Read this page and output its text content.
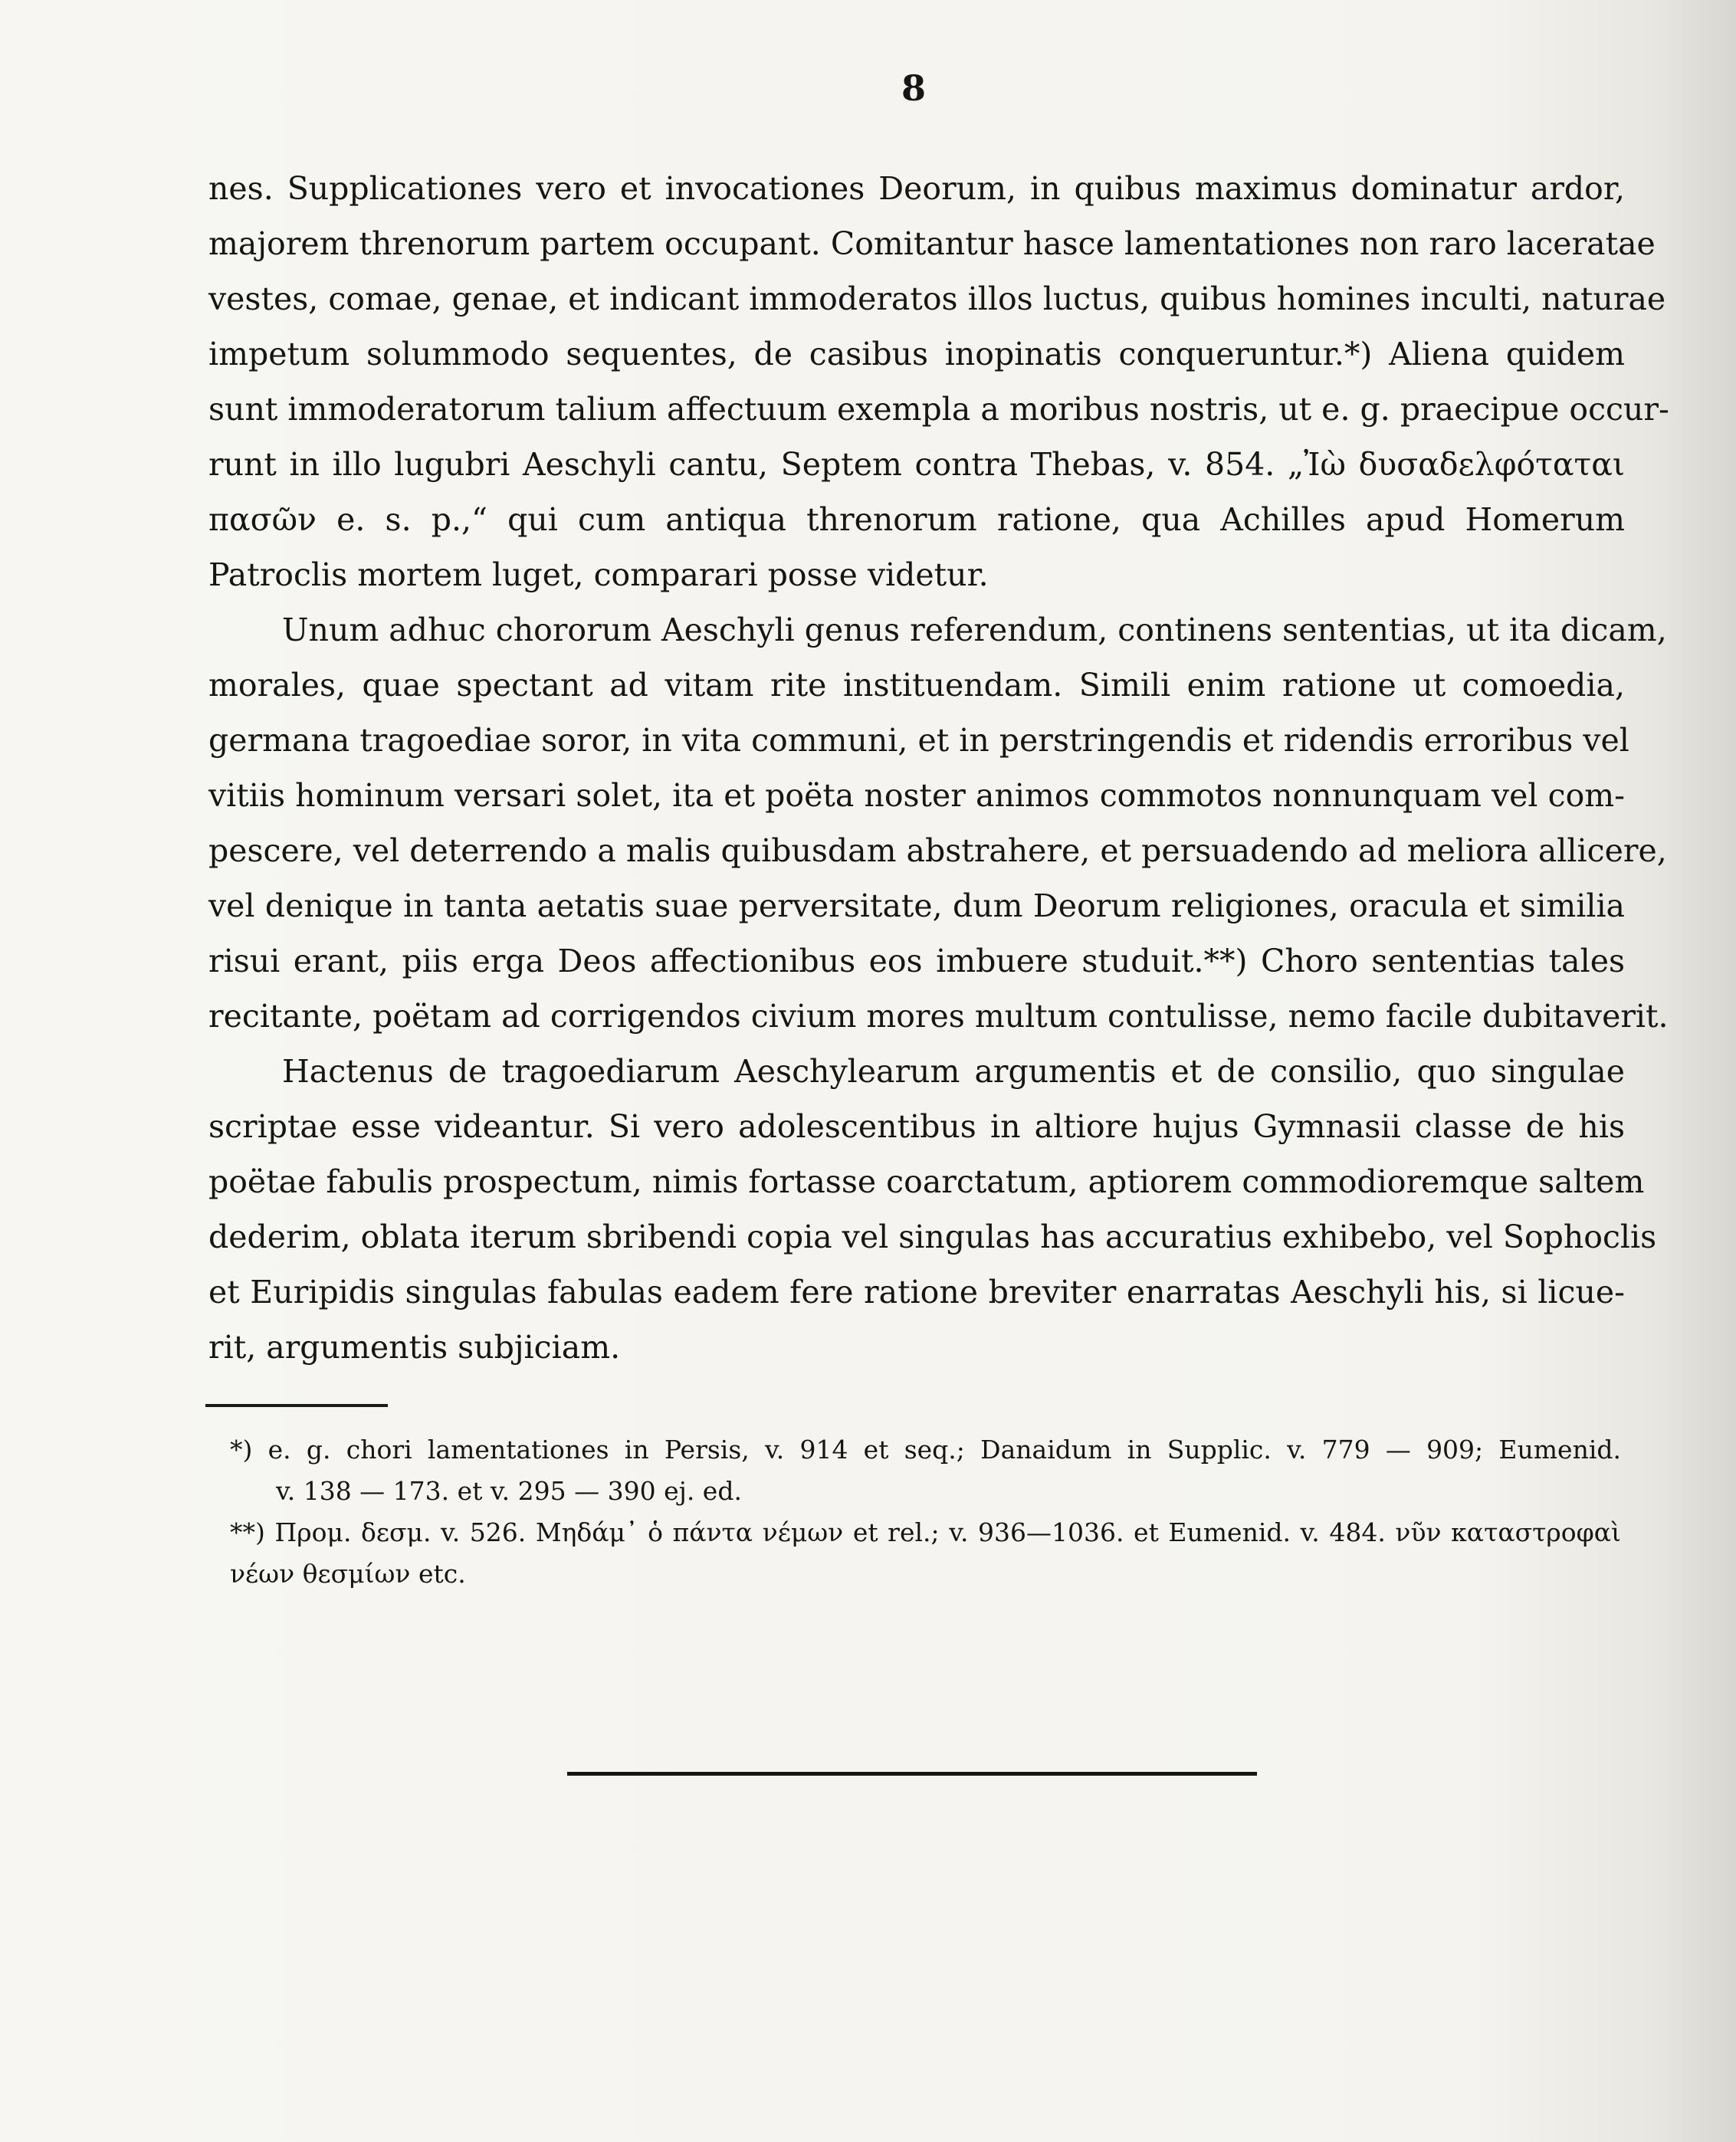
8
nes. Supplicationes vero et invocationes Deorum, in quibus maximus dominatur ardor,
majorem threnorum partem occupant. Comitantur hasce lamentationes non raro laceratae
vestes, comae, genae, et indicant immoderatos illos luctus, quibus homines inculti, naturae
impetum solummodo sequentes, de casibus inopinatis conqueruntur.*) Aliena quidem
sunt immoderatorum talium affectuum exempla a moribus nostris, ut e. g. praecipue occur-
runt in illo lugubri Aeschyli cantu, Septem contra Thebas, v. 854. „Ἰὼ δυσαδελφόταται πασῶν e. s. p.,“ qui cum antiqua threnorum ratione, qua Achilles apud Homerum
Patroclis mortem luget, comparari posse videtur.
Unum adhuc chororum Aeschyli genus referendum, continens sententias, ut ita dicam,
morales, quae spectant ad vitam rite instituendam. Simili enim ratione ut comoedia,
germana tragoediae soror, in vita communi, et in perstringendis et ridendis erroribus vel
vitiis hominum versari solet, ita et poëta noster animos commotos nonnunquam vel com-
pescere, vel deterrendo a malis quibusdam abstrahere, et persuadendo ad meliora allicere,
vel denique in tanta aetatis suae perversitate, dum Deorum religiones, oracula et similia
risui erant, piis erga Deos affectionibus eos imbuere studuit.**) Choro sententias tales
recitante, poëtam ad corrigendos civium mores multum contulisse, nemo facile dubitaverit.
Hactenus de tragoediarum Aeschylearum argumentis et de consilio, quo singulae
scriptae esse videantur. Si vero adolescentibus in altiore hujus Gymnasii classe de his
poëtae fabulis prospectum, nimis fortasse coarctatum, aptiorem commodioremque saltem
dederim, oblata iterum sbribendi copia vel singulas has accuratius exhibebo, vel Sophoclis
et Euripidis singulas fabulas eadem fere ratione breviter enarratas Aeschyli his, si licue-
rit, argumentis subjiciam.
*) e. g. chori lamentationes in Persis, v. 914 et seq.; Danaidum in Supplic. v. 779 — 909; Eumenid.
v. 138 — 173. et v. 295 — 390 ej. ed.
**) Προμ. δεσμ. v. 526. Μηδάμ᾿ ὁ πάντα νέμων et rel.; v. 936—1036. et Eumenid. v. 484. νῦν καταστροφαὶ νέων θεσμίων etc.
